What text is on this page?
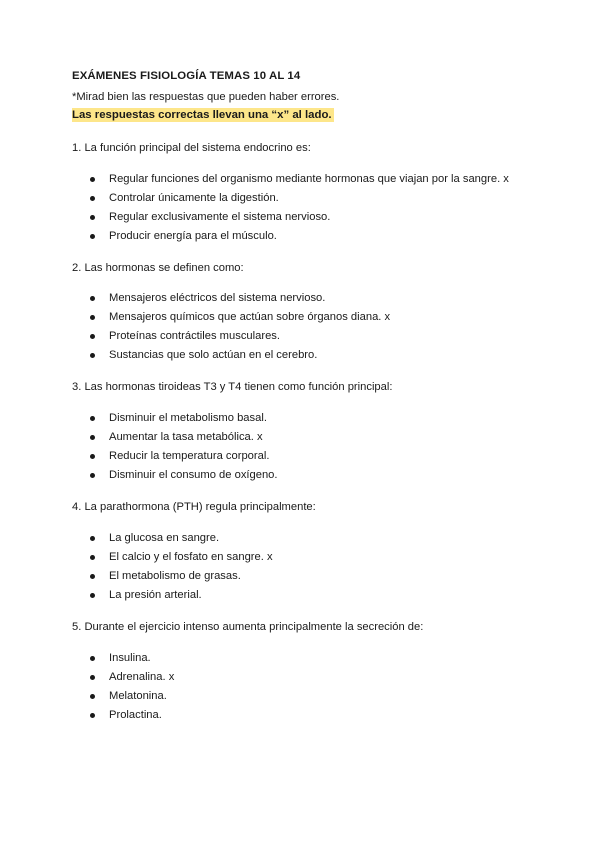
EXÁMENES FISIOLOGÍA TEMAS 10 AL 14
*Mirad bien las respuestas que pueden haber errores.
Las respuestas correctas llevan una “x” al lado.
1. La función principal del sistema endocrino es:
Regular funciones del organismo mediante hormonas que viajan por la sangre. x
Controlar únicamente la digestión.
Regular exclusivamente el sistema nervioso.
Producir energía para el músculo.
2. Las hormonas se definen como:
Mensajeros eléctricos del sistema nervioso.
Mensajeros químicos que actúan sobre órganos diana. x
Proteínas contráctiles musculares.
Sustancias que solo actúan en el cerebro.
3. Las hormonas tiroideas T3 y T4 tienen como función principal:
Disminuir el metabolismo basal.
Aumentar la tasa metabólica. x
Reducir la temperatura corporal.
Disminuir el consumo de oxígeno.
4. La parathormona (PTH) regula principalmente:
La glucosa en sangre.
El calcio y el fosfato en sangre. x
El metabolismo de grasas.
La presión arterial.
5. Durante el ejercicio intenso aumenta principalmente la secreción de:
Insulina.
Adrenalina. x
Melatonina.
Prolactina.
